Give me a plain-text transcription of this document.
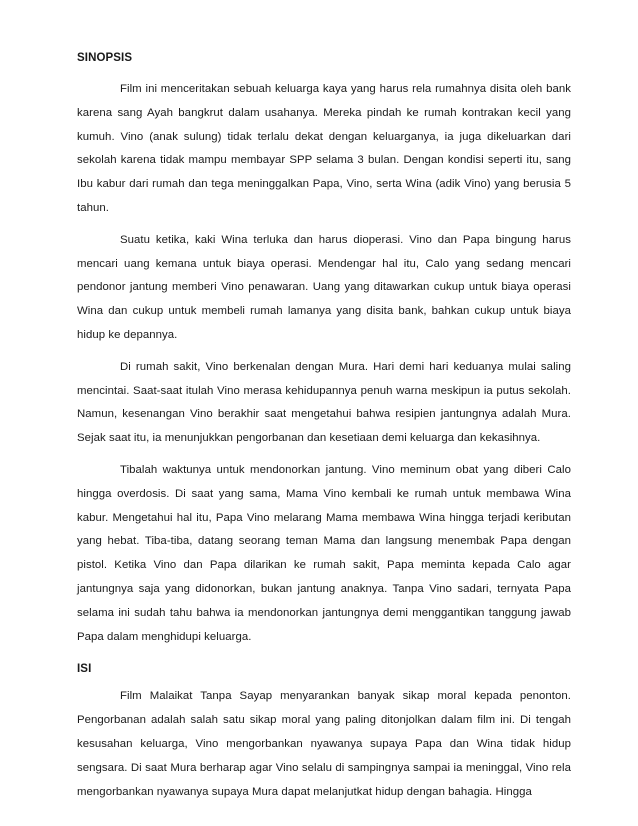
SINOPSIS

Film ini menceritakan sebuah keluarga kaya yang harus rela rumahnya disita oleh bank karena sang Ayah bangkrut dalam usahanya. Mereka pindah ke rumah kontrakan kecil yang kumuh. Vino (anak sulung) tidak terlalu dekat dengan keluarganya, ia juga dikeluarkan dari sekolah karena tidak mampu membayar SPP selama 3 bulan. Dengan kondisi seperti itu, sang Ibu kabur dari rumah dan tega meninggalkan Papa, Vino, serta Wina (adik Vino) yang berusia 5 tahun.

Suatu ketika, kaki Wina terluka dan harus dioperasi. Vino dan Papa bingung harus mencari uang kemana untuk biaya operasi. Mendengar hal itu, Calo yang sedang mencari pendonor jantung memberi Vino penawaran. Uang yang ditawarkan cukup untuk biaya operasi Wina dan cukup untuk membeli rumah lamanya yang disita bank, bahkan cukup untuk biaya hidup ke depannya.

Di rumah sakit, Vino berkenalan dengan Mura. Hari demi hari keduanya mulai saling mencintai. Saat-saat itulah Vino merasa kehidupannya penuh warna meskipun ia putus sekolah. Namun, kesenangan Vino berakhir saat mengetahui bahwa resipien jantungnya adalah Mura. Sejak saat itu, ia menunjukkan pengorbanan dan kesetiaan demi keluarga dan kekasihnya.

Tibalah waktunya untuk mendonorkan jantung. Vino meminum obat yang diberi Calo hingga overdosis. Di saat yang sama, Mama Vino kembali ke rumah untuk membawa Wina kabur. Mengetahui hal itu, Papa Vino melarang Mama membawa Wina hingga terjadi keributan yang hebat. Tiba-tiba, datang seorang teman Mama dan langsung menembak Papa dengan pistol. Ketika Vino dan Papa dilarikan ke rumah sakit, Papa meminta kepada Calo agar jantungnya saja yang didonorkan, bukan jantung anaknya. Tanpa Vino sadari, ternyata Papa selama ini sudah tahu bahwa ia mendonorkan jantungnya demi menggantikan tanggung jawab Papa dalam menghidupi keluarga.

ISI

Film Malaikat Tanpa Sayap menyarankan banyak sikap moral kepada penonton. Pengorbanan adalah salah satu sikap moral yang paling ditonjolkan dalam film ini. Di tengah kesusahan keluarga, Vino mengorbankan nyawanya supaya Papa dan Wina tidak hidup sengsara. Di saat Mura berharap agar Vino selalu di sampingnya sampai ia meninggal, Vino rela mengorbankan nyawanya supaya Mura dapat melanjutkat hidup dengan bahagia. Hingga
